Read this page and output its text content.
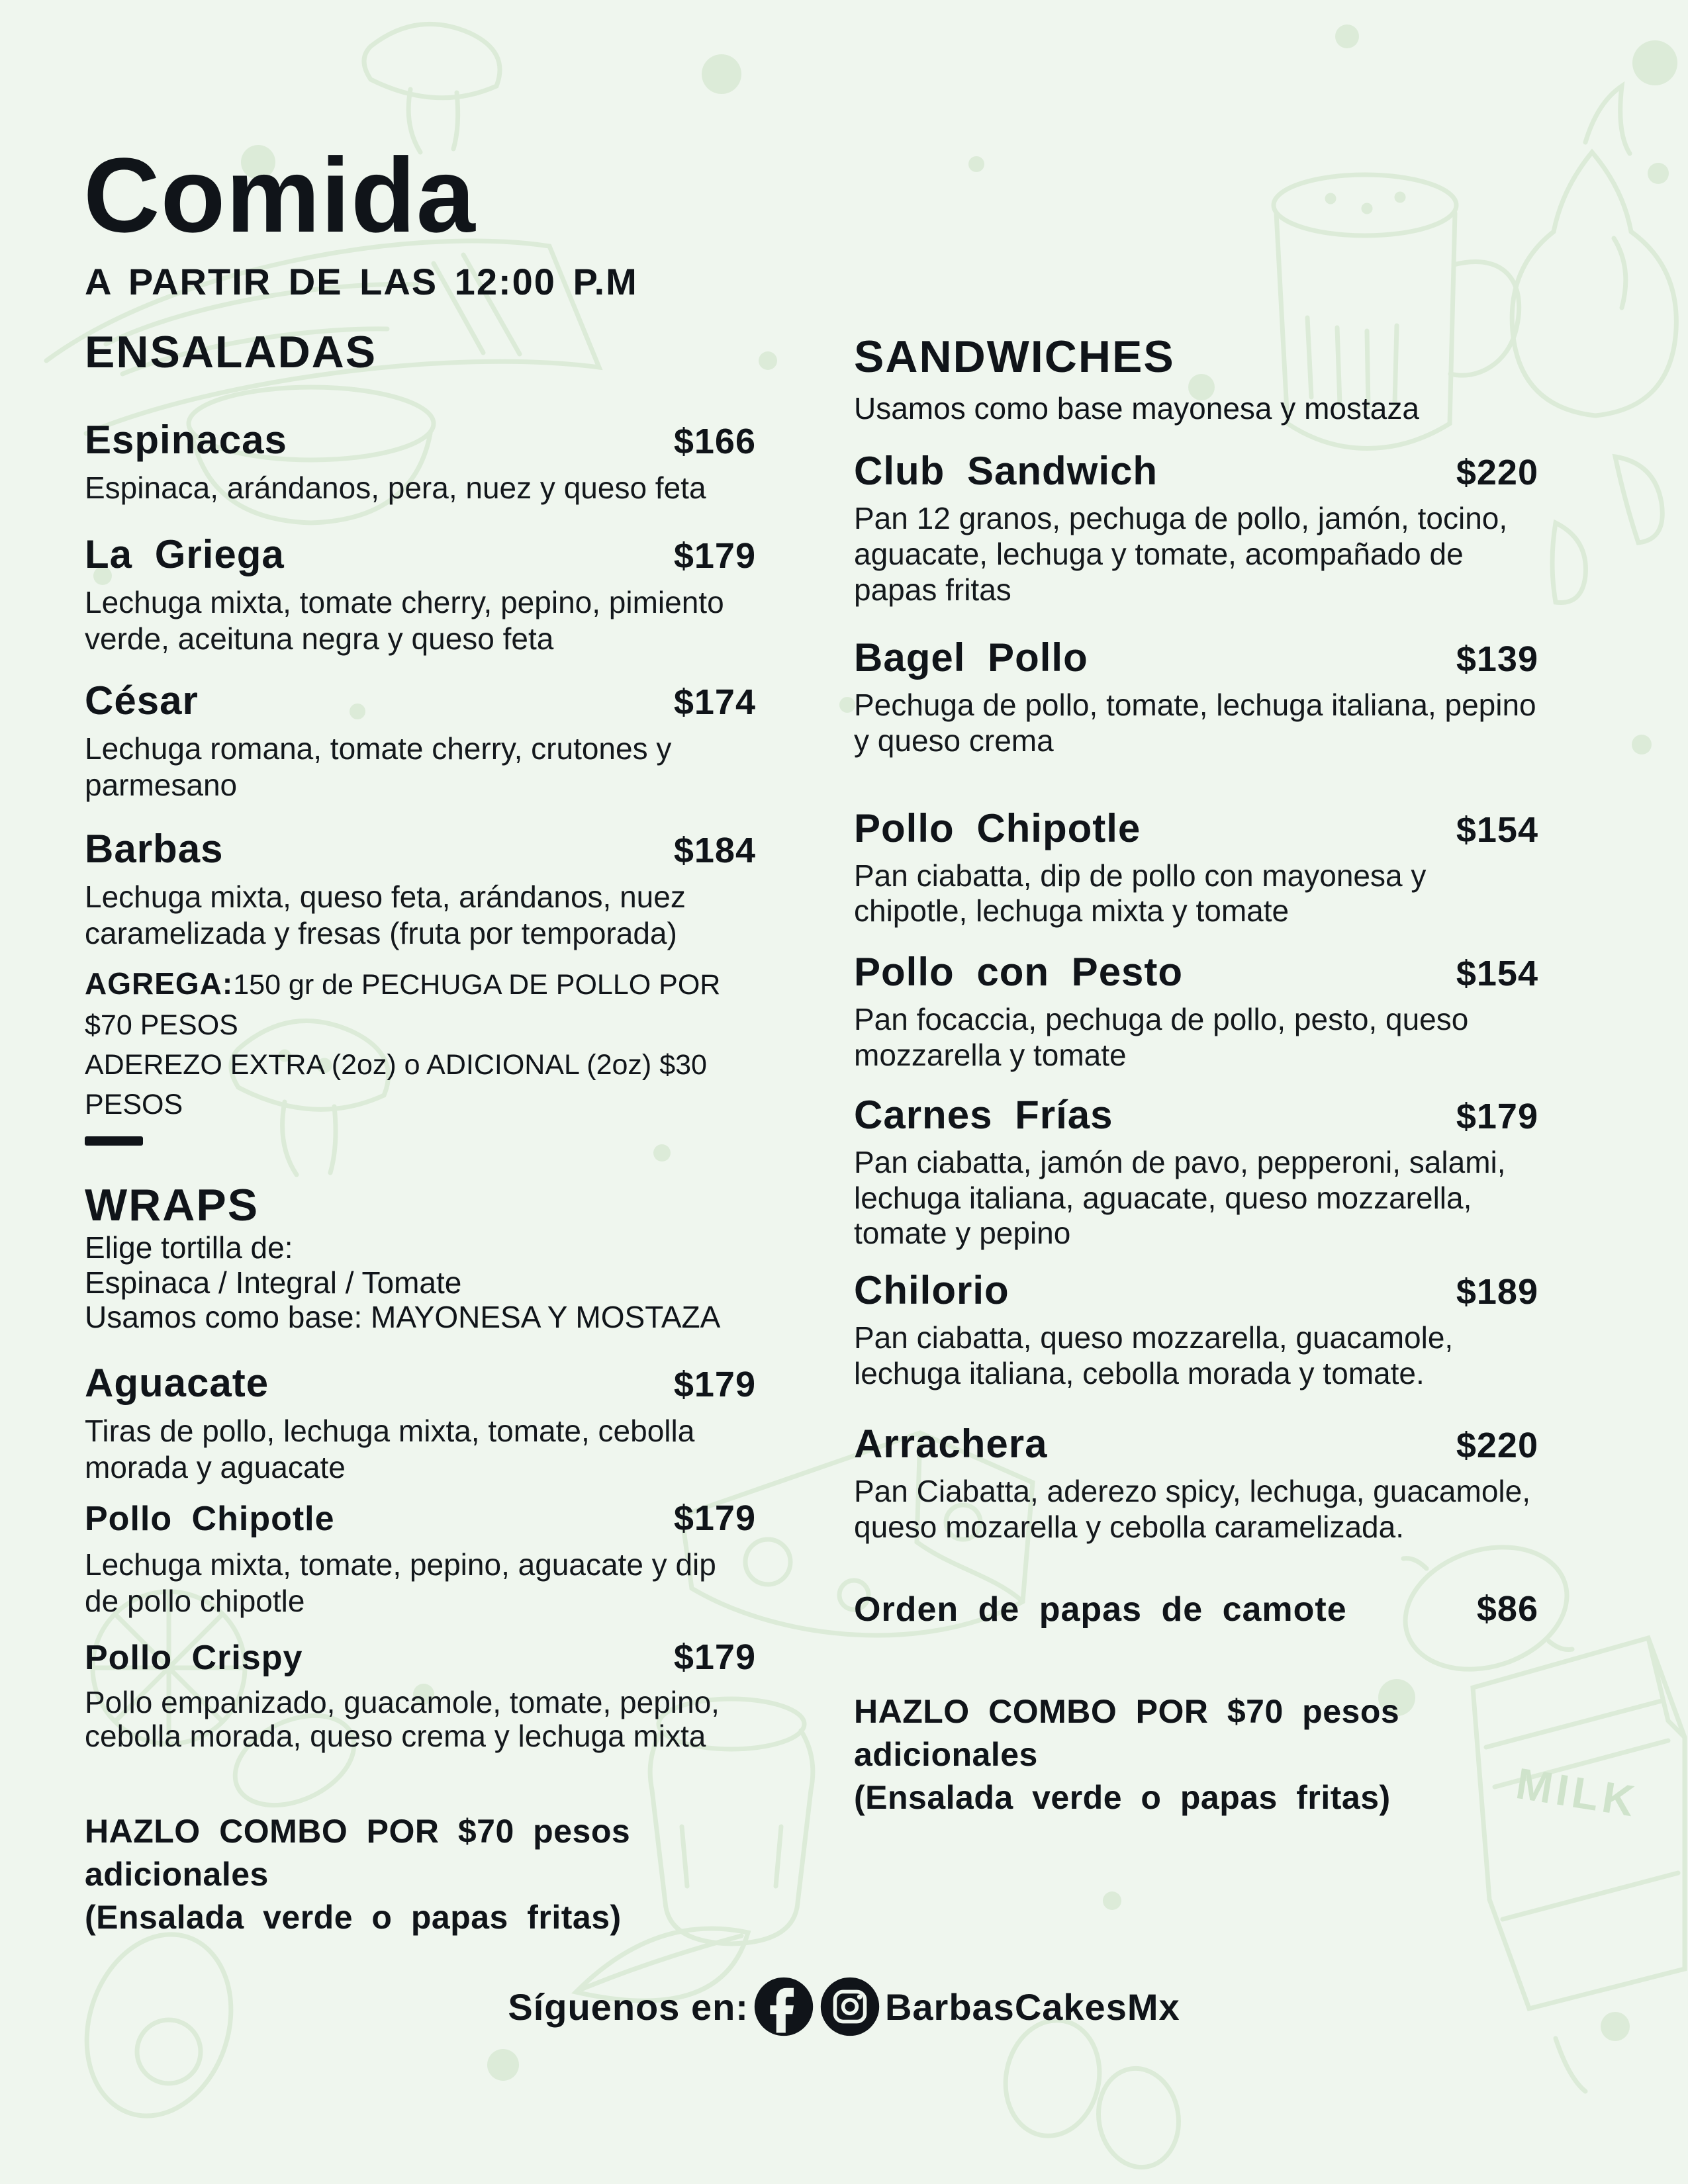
MILK
Comida
A PARTIR DE LAS 12:00 P.M
ENSALADAS
Espinacas	$166
Espinaca, arándanos, pera, nuez y queso feta
La Griega	$179
Lechuga mixta, tomate cherry, pepino, pimiento verde, aceituna negra y queso feta
César	$174
Lechuga romana, tomate cherry, crutones y parmesano
Barbas	$184
Lechuga mixta, queso feta, arándanos, nuez caramelizada y fresas (fruta por temporada)
AGREGA:150 gr de PECHUGA DE POLLO POR $70 PESOS
ADEREZO EXTRA (2oz) o ADICIONAL (2oz) $30 PESOS
WRAPS
Elige tortilla de:
Espinaca / Integral / Tomate
Usamos como base: MAYONESA Y MOSTAZA
Aguacate	$179
Tiras de pollo, lechuga mixta, tomate, cebolla morada y aguacate
Pollo Chipotle	$179
Lechuga mixta, tomate, pepino, aguacate y dip de pollo chipotle
Pollo Crispy	$179
Pollo empanizado, guacamole, tomate, pepino, cebolla morada, queso crema y lechuga mixta
HAZLO COMBO POR $70 pesos adicionales
(Ensalada verde o papas fritas)
SANDWICHES
Usamos como base mayonesa y mostaza
Club Sandwich	$220
Pan 12 granos, pechuga de pollo, jamón, tocino, aguacate, lechuga y tomate, acompañado de papas fritas
Bagel Pollo	$139
Pechuga de pollo, tomate, lechuga italiana, pepino y queso crema
Pollo Chipotle	$154
Pan ciabatta, dip de pollo con mayonesa y chipotle, lechuga mixta y tomate
Pollo con Pesto	$154
Pan focaccia, pechuga de pollo, pesto, queso mozzarella y tomate
Carnes Frías	$179
Pan ciabatta, jamón de pavo, pepperoni, salami, lechuga italiana, aguacate, queso mozzarella, tomate y pepino
Chilorio	$189
Pan ciabatta, queso mozzarella, guacamole, lechuga italiana, cebolla morada y tomate.
Arrachera	$220
Pan Ciabatta, aderezo spicy, lechuga, guacamole, queso mozarella y cebolla caramelizada.
Orden de papas de camote	$86
HAZLO COMBO POR $70 pesos adicionales
(Ensalada verde o papas fritas)
Síguenos en:	BarbasCakesMx
